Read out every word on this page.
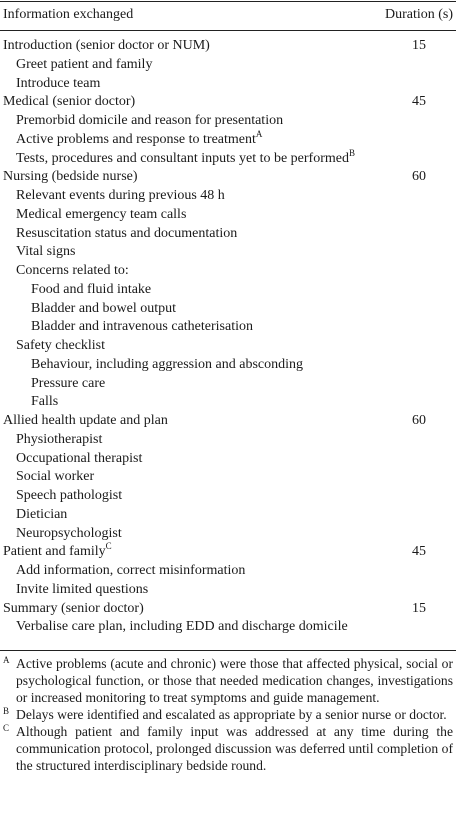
Information exchanged	Duration (s)
Introduction (senior doctor or NUM)	15
Greet patient and family
Introduce team
Medical (senior doctor)	45
Premorbid domicile and reason for presentation
Active problems and response to treatment$^A$
Tests, procedures and consultant inputs yet to be performed$^B$
Nursing (bedside nurse)	60
Relevant events during previous 48 h
Medical emergency team calls
Resuscitation status and documentation
Vital signs
Concerns related to:
Food and fluid intake
Bladder and bowel output
Bladder and intravenous catheterisation
Safety checklist
Behaviour, including aggression and absconding
Pressure care
Falls
Allied health update and plan	60
Physiotherapist
Occupational therapist
Social worker
Speech pathologist
Dietician
Neuropsychologist
Patient and family$^C$	45
Add information, correct misinformation
Invite limited questions
Summary (senior doctor)	15
Verbalise care plan, including EDD and discharge domicile
A Active problems (acute and chronic) were those that affected physical, social or psychological function, or those that needed medication changes, investigations or increased monitoring to treat symptoms and guide management.
B Delays were identified and escalated as appropriate by a senior nurse or doctor.
C Although patient and family input was addressed at any time during the communication protocol, prolonged discussion was deferred until completion of the structured interdisciplinary bedside round.
